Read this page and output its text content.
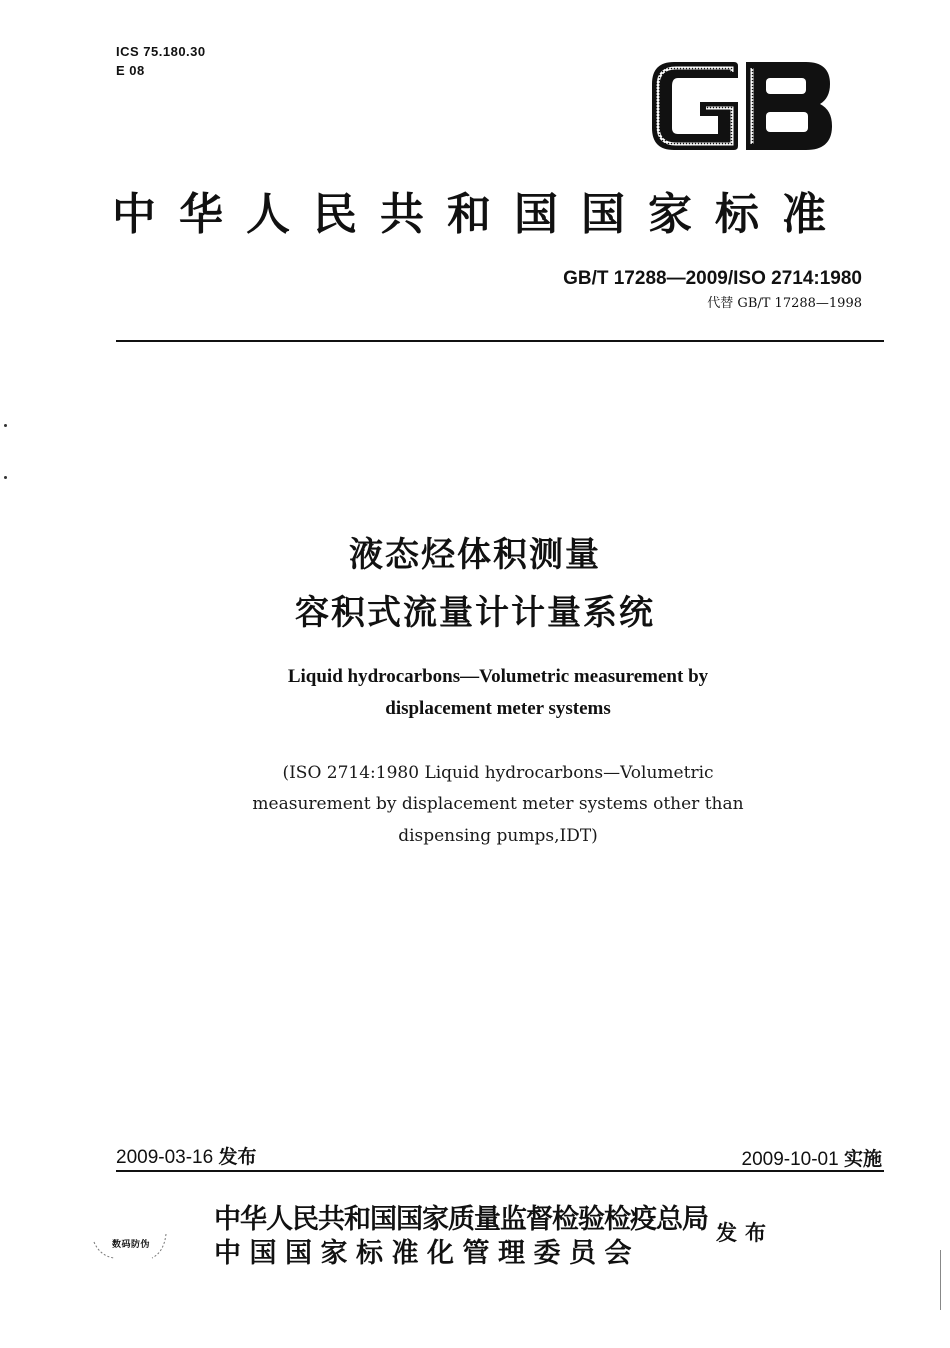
ICS 75.180.30
E 08
中华人民共和国国家标准
GB/T 17288—2009/ISO 2714:1980
代替 GB/T 17288—1998
液态烃体积测量
容积式流量计计量系统
Liquid hydrocarbons—Volumetric measurement by
displacement meter systems
(ISO 2714:1980 Liquid hydrocarbons—Volumetric
measurement by displacement meter systems other than
dispensing pumps,IDT)
2009-03-16 发布	2009-10-01 实施
数码防伪
中华人民共和国国家质量监督检验检疫总局
中国国家标准化管理委员会
发布
